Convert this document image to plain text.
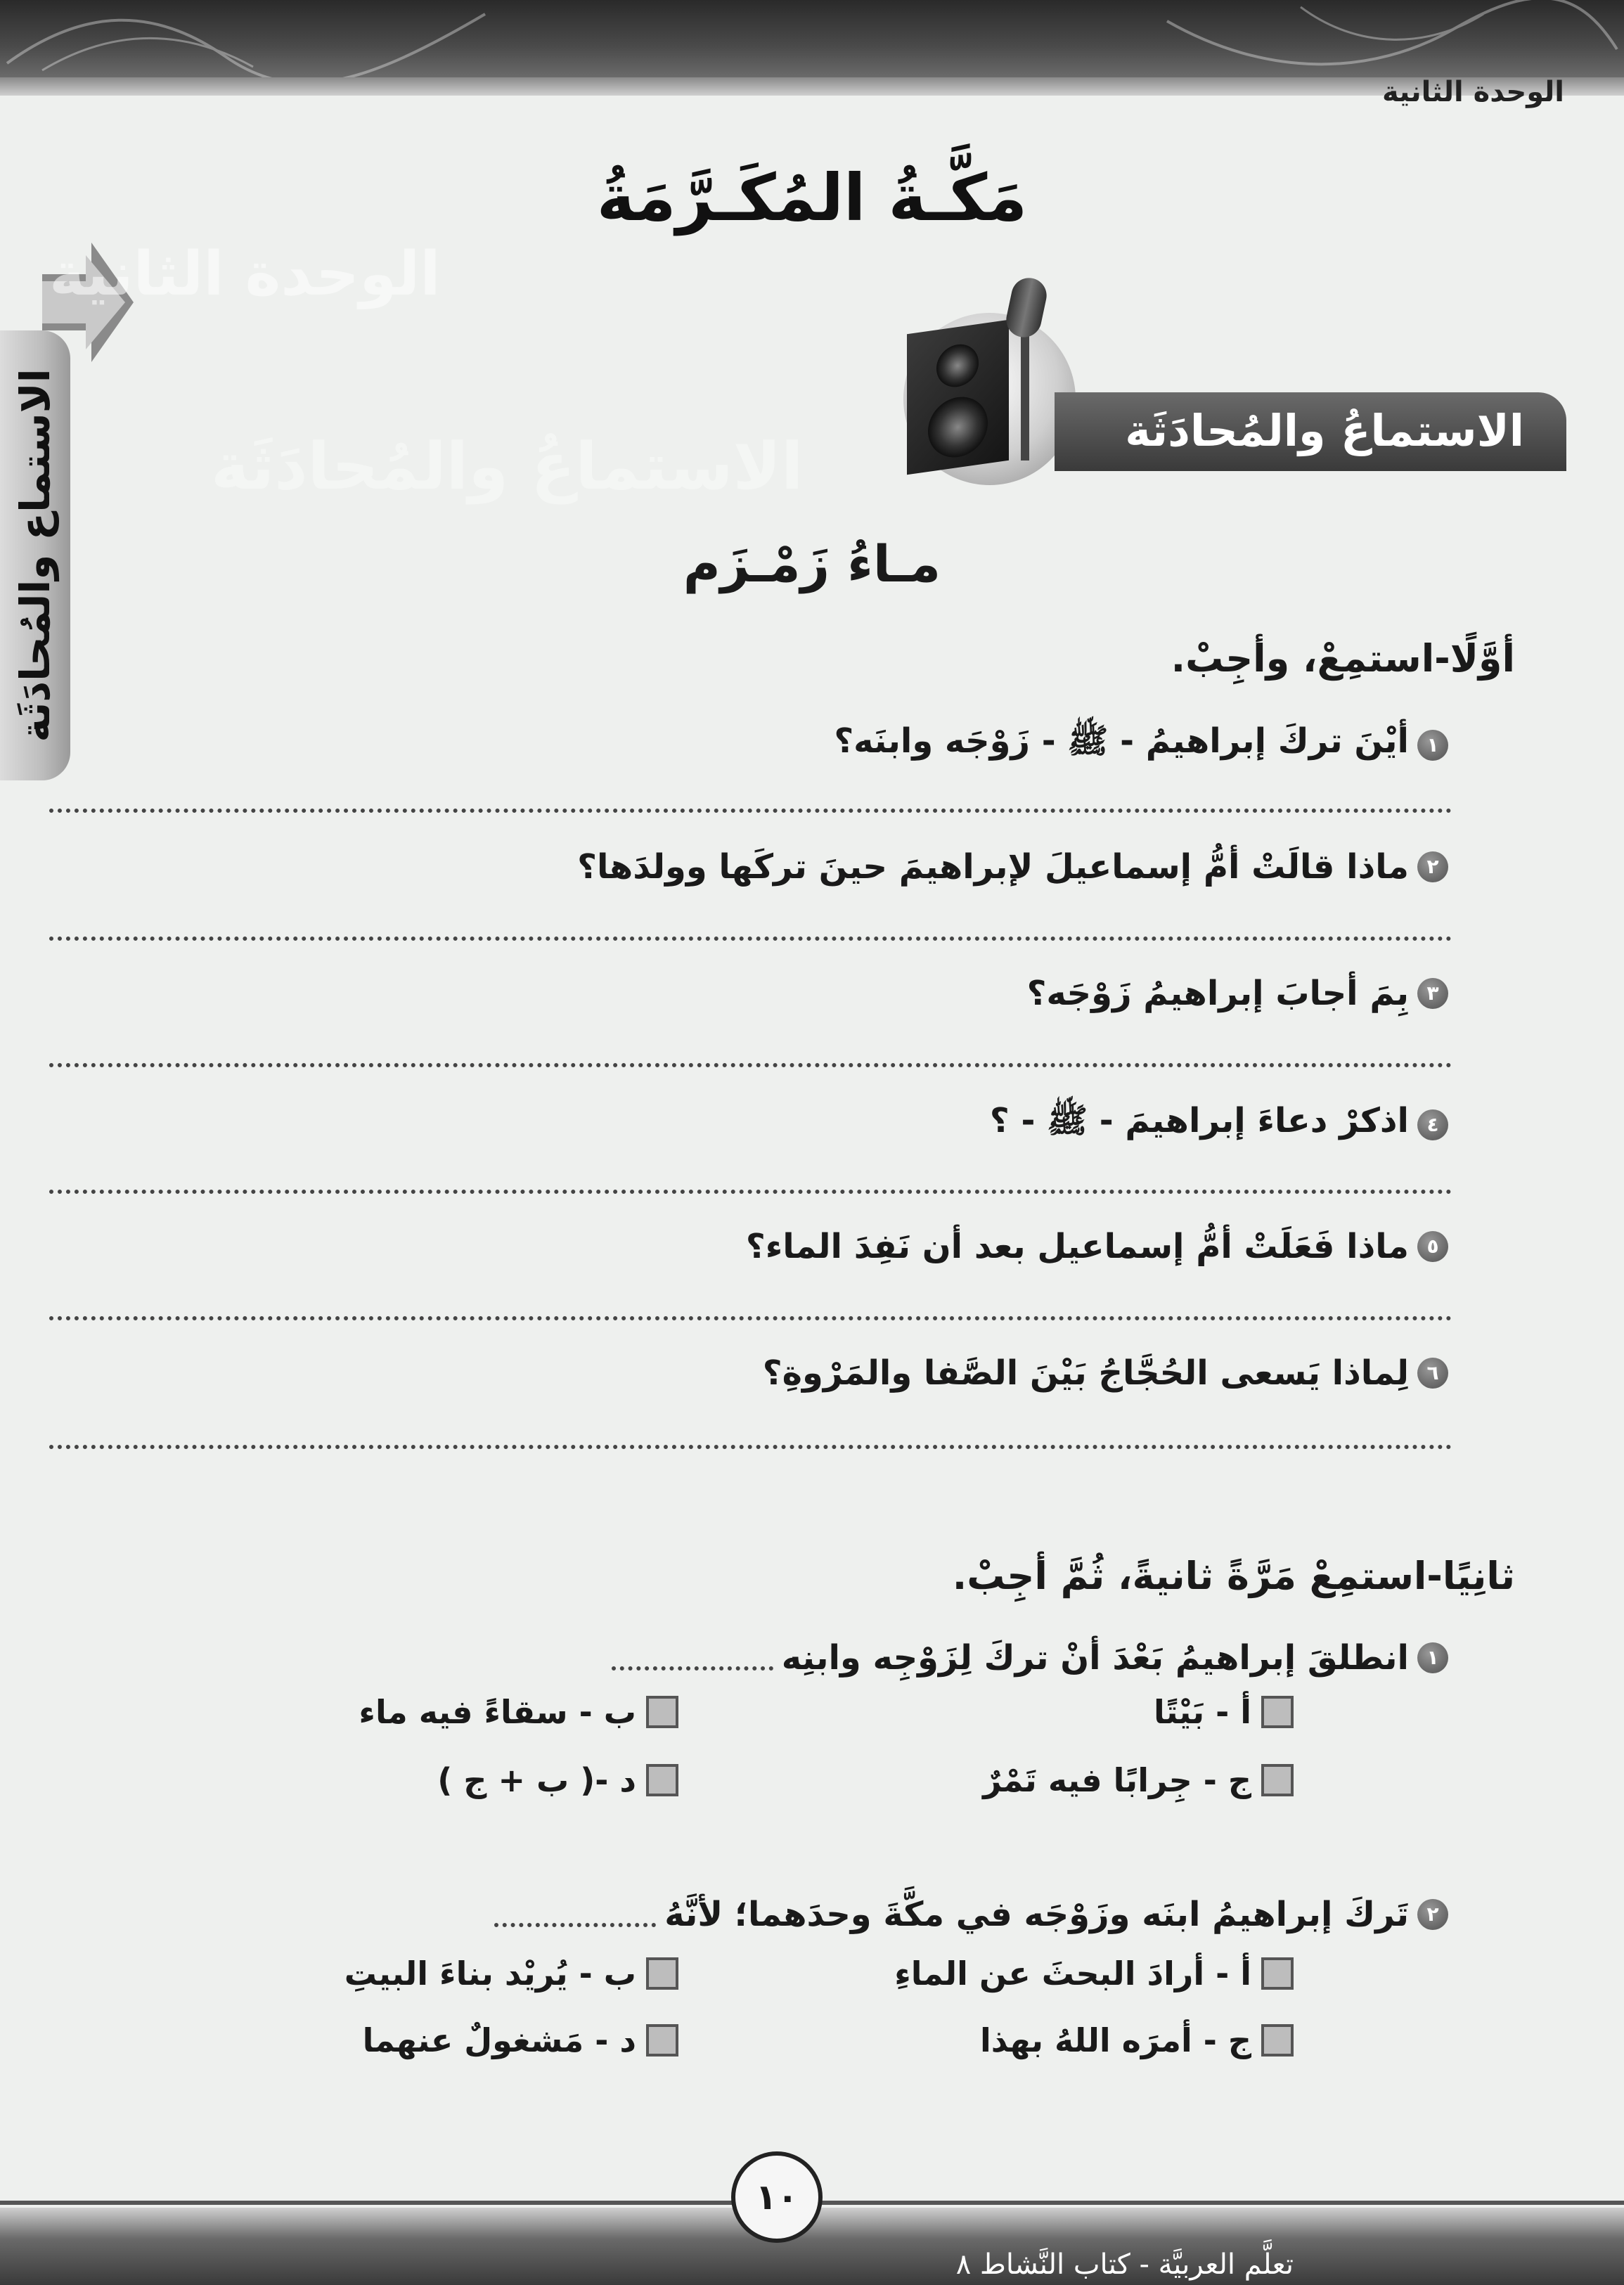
الوحدة الثانية
الاستماع والمُحادَثَة
مَكَّـةُ المُكَـرَّمَةُ
الوحدة الثانية
الاستماعُ والمُحادَثَة	الاستماعُ والمُحادَثَة
مـاءُ زَمْـزَم
أوَّلًا-استمِعْ، وأجِبْ.
١
أيْنَ تركَ إبراهيمُ - ﷺ - زَوْجَه وابنَه؟
٢
ماذا قالَتْ أمُّ إسماعيلَ لإبراهيمَ حينَ تركَها وولدَها؟
٣
بِمَ أجابَ إبراهيمُ زَوْجَه؟
٤
اذكرْ دعاءَ إبراهيمَ - ﷺ - ؟
٥
ماذا فَعَلَتْ أمُّ إسماعيل بعد أن نَفِدَ الماء؟
٦
لِماذا يَسعى الحُجَّاجُ بَيْنَ الصَّفا والمَرْوةِ؟
ثانِيًا-استمِعْ مَرَّةً ثانيةً، ثُمَّ أجِبْ.
١
انطلقَ إبراهيمُ بَعْدَ أنْ تركَ لِزَوْجِه وابنِه
أ - بَيْتًا
ب - سقاءً فيه ماء
ج - جِرابًا فيه تَمْرٌ
د -( ب + ج )
٢
تَركَ إبراهيمُ ابنَه وزَوْجَه في مكَّةَ وحدَهما؛ لأنَّهُ
أ - أرادَ البحثَ عن الماءِ
ب - يُريْد بناءَ البيتِ
ج - أمرَه اللهُ بهذا
د - مَشغولٌ عنهما
١٠
تعلَّم العربيَّة - كتاب النَّشاط ٨
